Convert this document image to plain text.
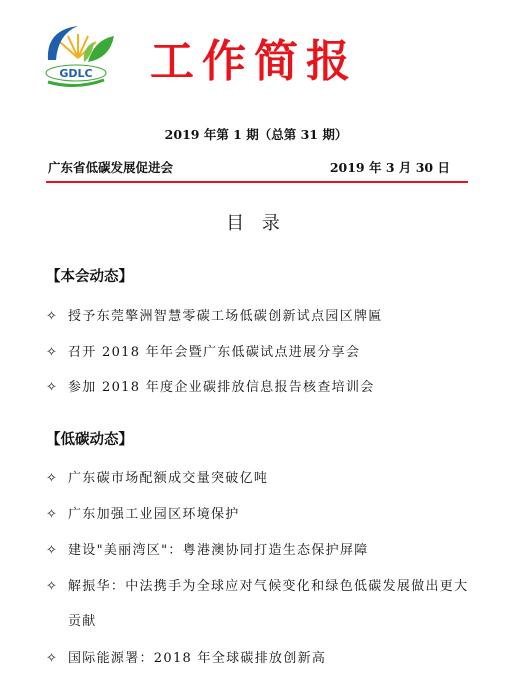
GDLC 工作简报
2019 年第 1 期（总第 31 期）
广东省低碳发展促进会	2019 年 3 月 30 日
目 录
【本会动态】
✧ 授予东莞擎洲智慧零碳工场低碳创新试点园区牌匾
✧ 召开 2018 年年会暨广东低碳试点进展分享会
✧ 参加 2018 年度企业碳排放信息报告核查培训会
【低碳动态】
✧ 广东碳市场配额成交量突破亿吨
✧ 广东加强工业园区环境保护
✧ 建设"美丽湾区"：粤港澳协同打造生态保护屏障
✧ 解振华：中法携手为全球应对气候变化和绿色低碳发展做出更大
贡献
✧ 国际能源署：2018 年全球碳排放创新高
